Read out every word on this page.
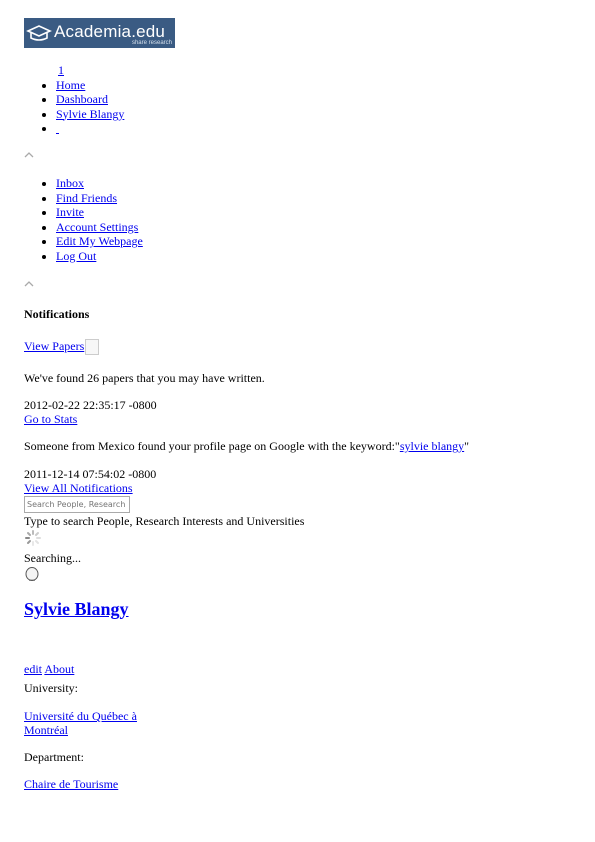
Academia.edu
share research
1
• Home
• Dashboard
• Sylvie Blangy
•
• Inbox
• Find Friends
• Invite
• Account Settings
• Edit My Webpage
• Log Out
Notifications
View Papers
We've found 26 papers that you may have written.
2012-02-22 22:35:17 -0800
Go to Stats
Someone from Mexico found your profile page on Google with the keyword:"sylvie blangy"
2011-12-14 07:54:02 -0800
View All Notifications
Search People, Research Interests and Universities
Type to search People, Research Interests and Universities
Searching...
Sylvie Blangy
edit About
University:
Université du Québec à
Montréal
Department:
Chaire de Tourisme
